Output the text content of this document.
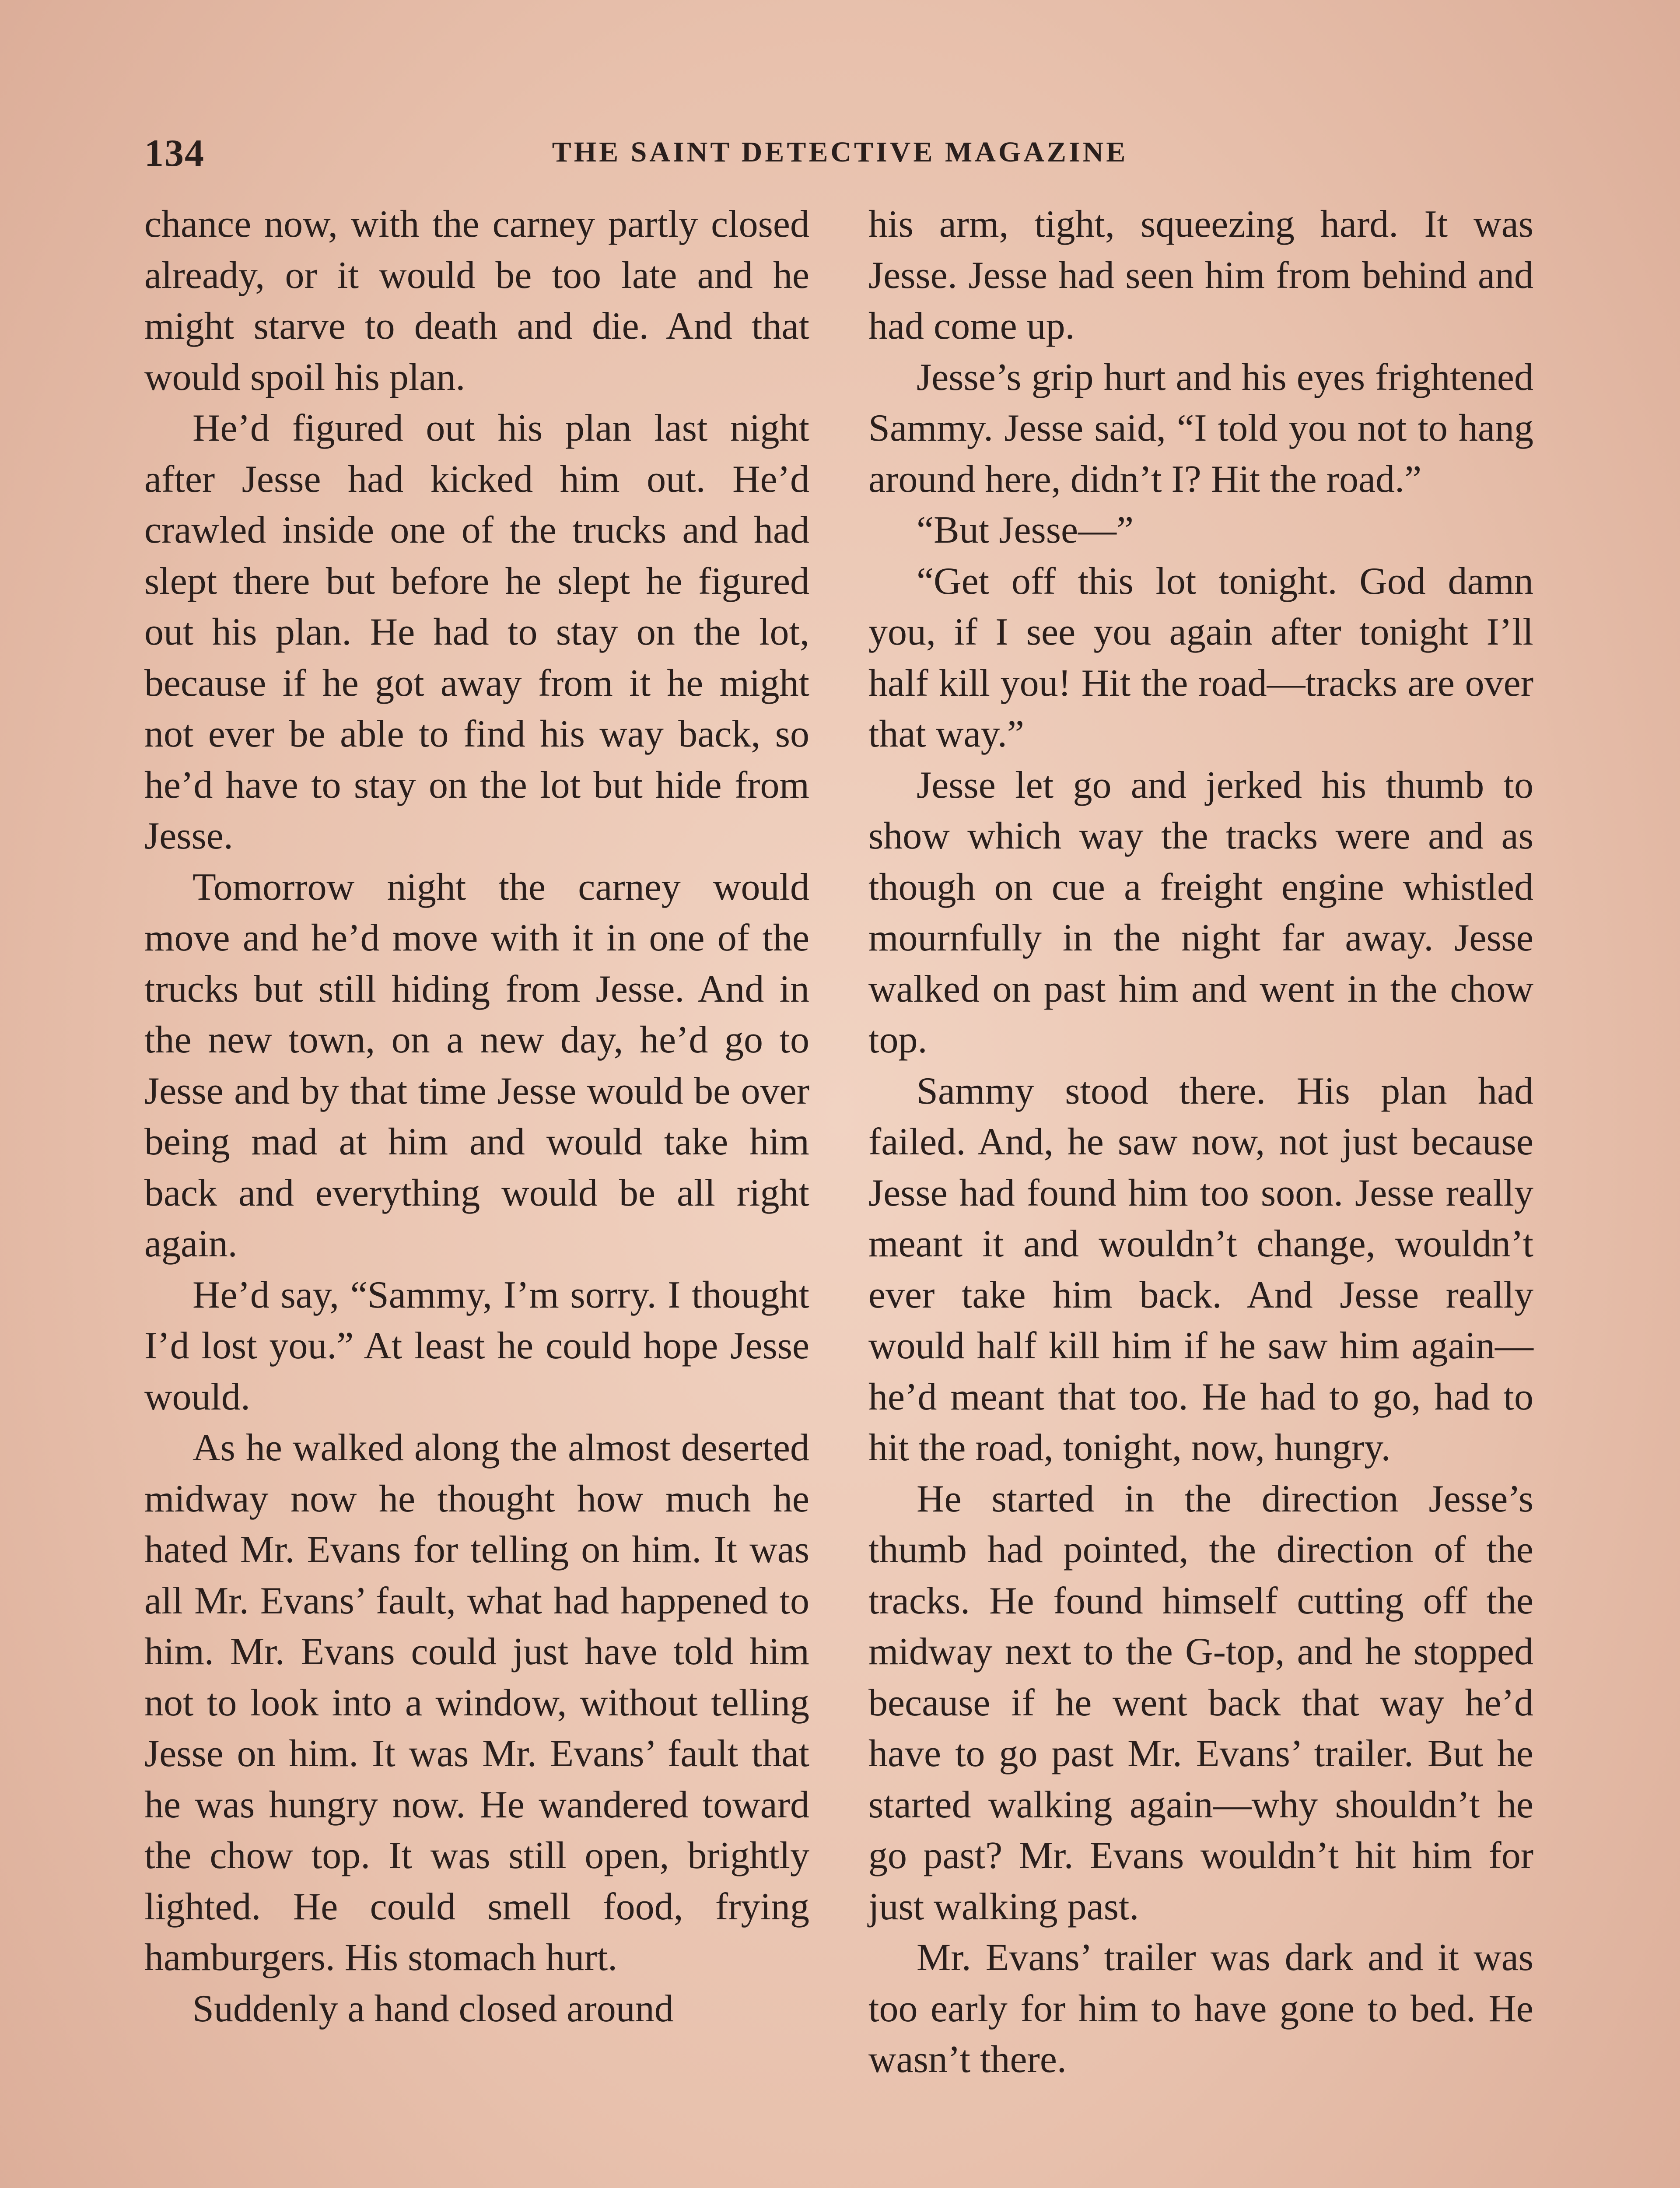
134	THE SAINT DETECTIVE MAGAZINE

chance now, with the carney partly closed already, or it would be too late and he might starve to death and die. And that would spoil his plan.

He’d figured out his plan last night after Jesse had kicked him out. He’d crawled inside one of the trucks and had slept there but before he slept he figured out his plan. He had to stay on the lot, because if he got away from it he might not ever be able to find his way back, so he’d have to stay on the lot but hide from Jesse.

Tomorrow night the carney would move and he’d move with it in one of the trucks but still hiding from Jesse. And in the new town, on a new day, he’d go to Jesse and by that time Jesse would be over being mad at him and would take him back and everything would be all right again.

He’d say, “Sammy, I’m sorry. I thought I’d lost you.” At least he could hope Jesse would.

As he walked along the almost deserted midway now he thought how much he hated Mr. Evans for telling on him. It was all Mr. Evans’ fault, what had happened to him. Mr. Evans could just have told him not to look into a window, without telling Jesse on him. It was Mr. Evans’ fault that he was hungry now. He wandered toward the chow top. It was still open, brightly lighted. He could smell food, frying hamburgers. His stomach hurt.

Suddenly a hand closed around

his arm, tight, squeezing hard. It was Jesse. Jesse had seen him from behind and had come up.

Jesse’s grip hurt and his eyes frightened Sammy. Jesse said, “I told you not to hang around here, didn’t I? Hit the road.”

“But Jesse—”

“Get off this lot tonight. God damn you, if I see you again after tonight I’ll half kill you! Hit the road—tracks are over that way.”

Jesse let go and jerked his thumb to show which way the tracks were and as though on cue a freight engine whistled mournfully in the night far away. Jesse walked on past him and went in the chow top.

Sammy stood there. His plan had failed. And, he saw now, not just because Jesse had found him too soon. Jesse really meant it and wouldn’t change, wouldn’t ever take him back. And Jesse really would half kill him if he saw him again—he’d meant that too. He had to go, had to hit the road, tonight, now, hungry.

He started in the direction Jesse’s thumb had pointed, the direction of the tracks. He found himself cutting off the midway next to the G-top, and he stopped because if he went back that way he’d have to go past Mr. Evans’ trailer. But he started walking again—why shouldn’t he go past? Mr. Evans wouldn’t hit him for just walking past.

Mr. Evans’ trailer was dark and it was too early for him to have gone to bed. He wasn’t there.
